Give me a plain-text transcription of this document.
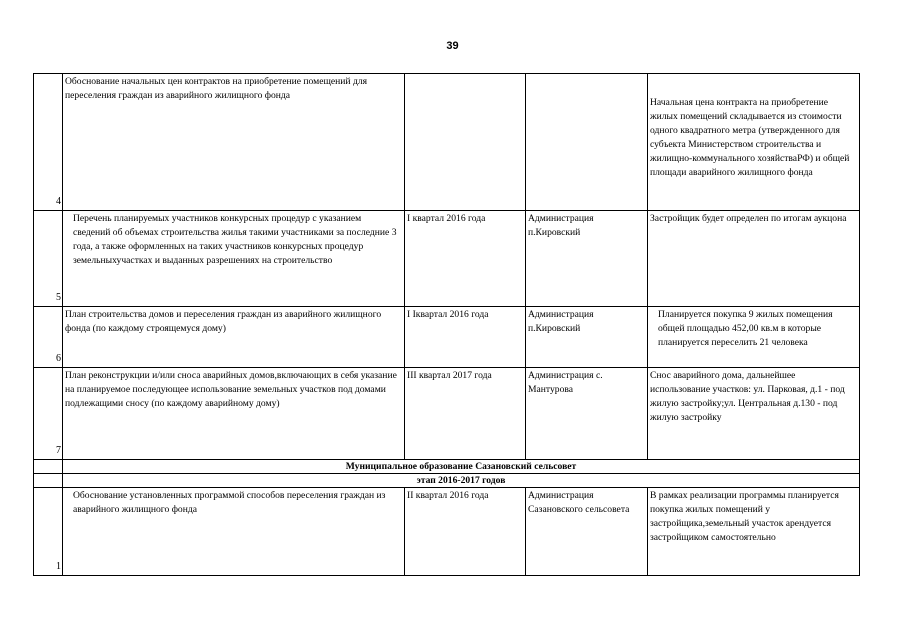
39
4	Обоснование начальных цен контрактов на приобретение помещений для переселения граждан из аварийного жилищного фонда			Начальная цена контракта на приобретение жилых помещений складывается из стоимости одного квадратного метра (утвержденного для субъекта Министерством строительства и жилищно-коммунального хозяйстваРФ) и общей площади аварийного жилищного фонда
5	Перечень планируемых участников конкурсных процедур с указанием сведений об объемах строительства жилья такими участниками за последние 3 года, а также оформленных на таких участников конкурсных процедур земельныхучастках и выданных разрешениях на строительство	I квартал 2016 года	Администрация п.Кировский	Застройщик будет определен по итогам аукцона
6	План строительства домов и переселения граждан из аварийного жилищного фонда (по каждому строящемуся дому)	I Iквартал 2016 года	Администрация п.Кировский	Планируется покупка 9 жилых помещения общей площадью 452,00 кв.м в которые планируется переселить 21 человека
7	План реконструкции и/или сноса аварийных домов,включающих в себя указание на планируемое последующее использование земельных участков под домами подлежащими сносу (по каждому аварийному дому)	III квартал 2017 года	Администрация с. Мантурова	Снос аварийного дома, дальнейшее использование участков: ул. Парковая, д.1 - под жилую застройку;ул. Центральная д.130 - под жилую застройку
	Муниципальное образование Сазановский сельсовет			
	этап 2016-2017 годов			
1	Обоснование установленных программой способов переселения граждан из аварийного жилищного фонда	II квартал 2016 года	Администрация Сазановского сельсовета	В рамках реализации программы планируется покупка жилых помещений у застройщика,земельный участок арендуется застройщиком самостоятельно
